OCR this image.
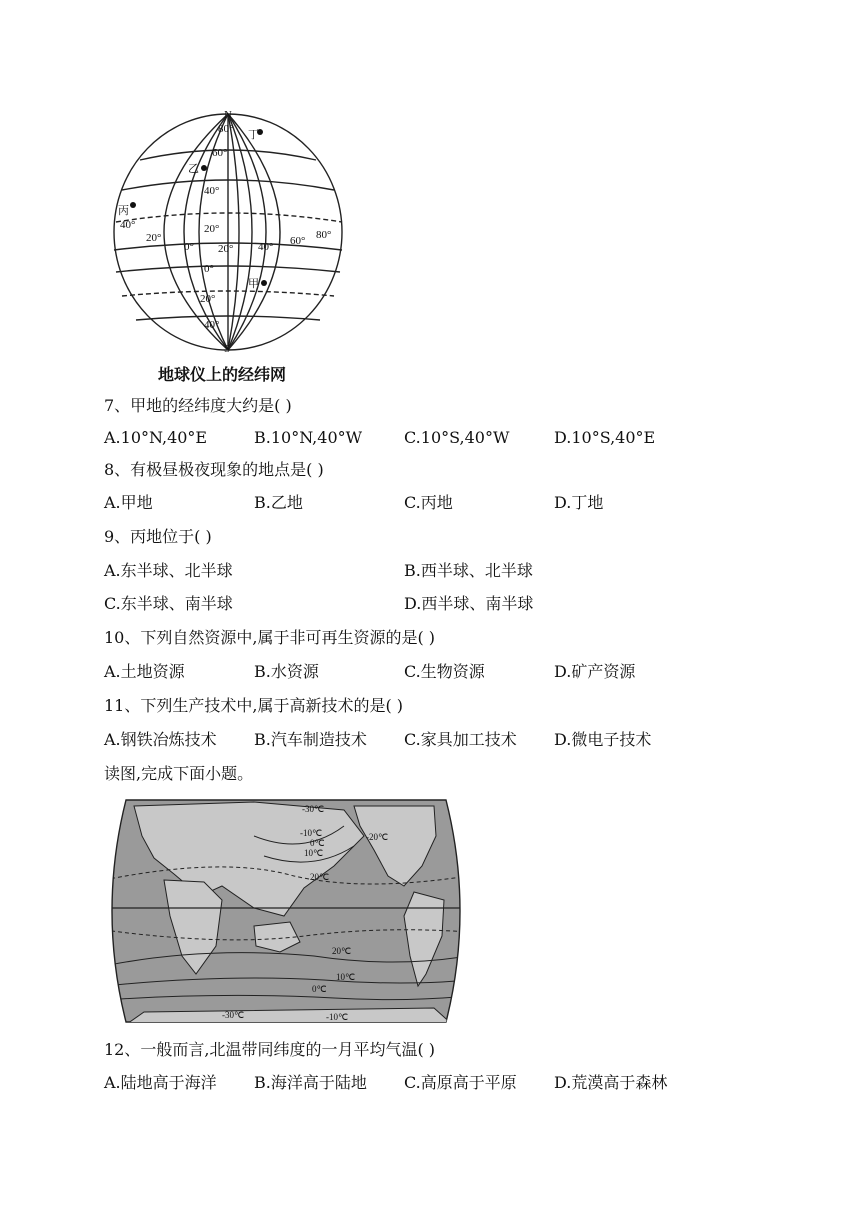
N
S
80°
60°
40°
20°
0°
20°
40°
40°
20°
0° 20° 40° 60° 80°
甲
乙
丙
丁
地球仪上的经纬网
7、甲地的经纬度大约是( )
A.10°N,40°E	B.10°N,40°W	C.10°S,40°W	D.10°S,40°E
8、有极昼极夜现象的地点是( )
A.甲地	B.乙地	C.丙地	D.丁地
9、丙地位于( )
A.东半球、北半球	B.西半球、北半球
C.东半球、南半球	D.西半球、南半球
10、下列自然资源中,属于非可再生资源的是( )
A.土地资源	B.水资源	C.生物资源	D.矿产资源
11、下列生产技术中,属于高新技术的是( )
A.钢铁冶炼技术 B.汽车制造技术 C.家具加工技术 D.微电子技术
读图,完成下面小题。
-30℃
-20℃
-10℃
10℃
0℃
20℃
20℃
10℃
0℃
-10℃
-30℃
12、一般而言,北温带同纬度的一月平均气温( )
A.陆地高于海洋 B.海洋高于陆地 C.高原高于平原 D.荒漠高于森林
